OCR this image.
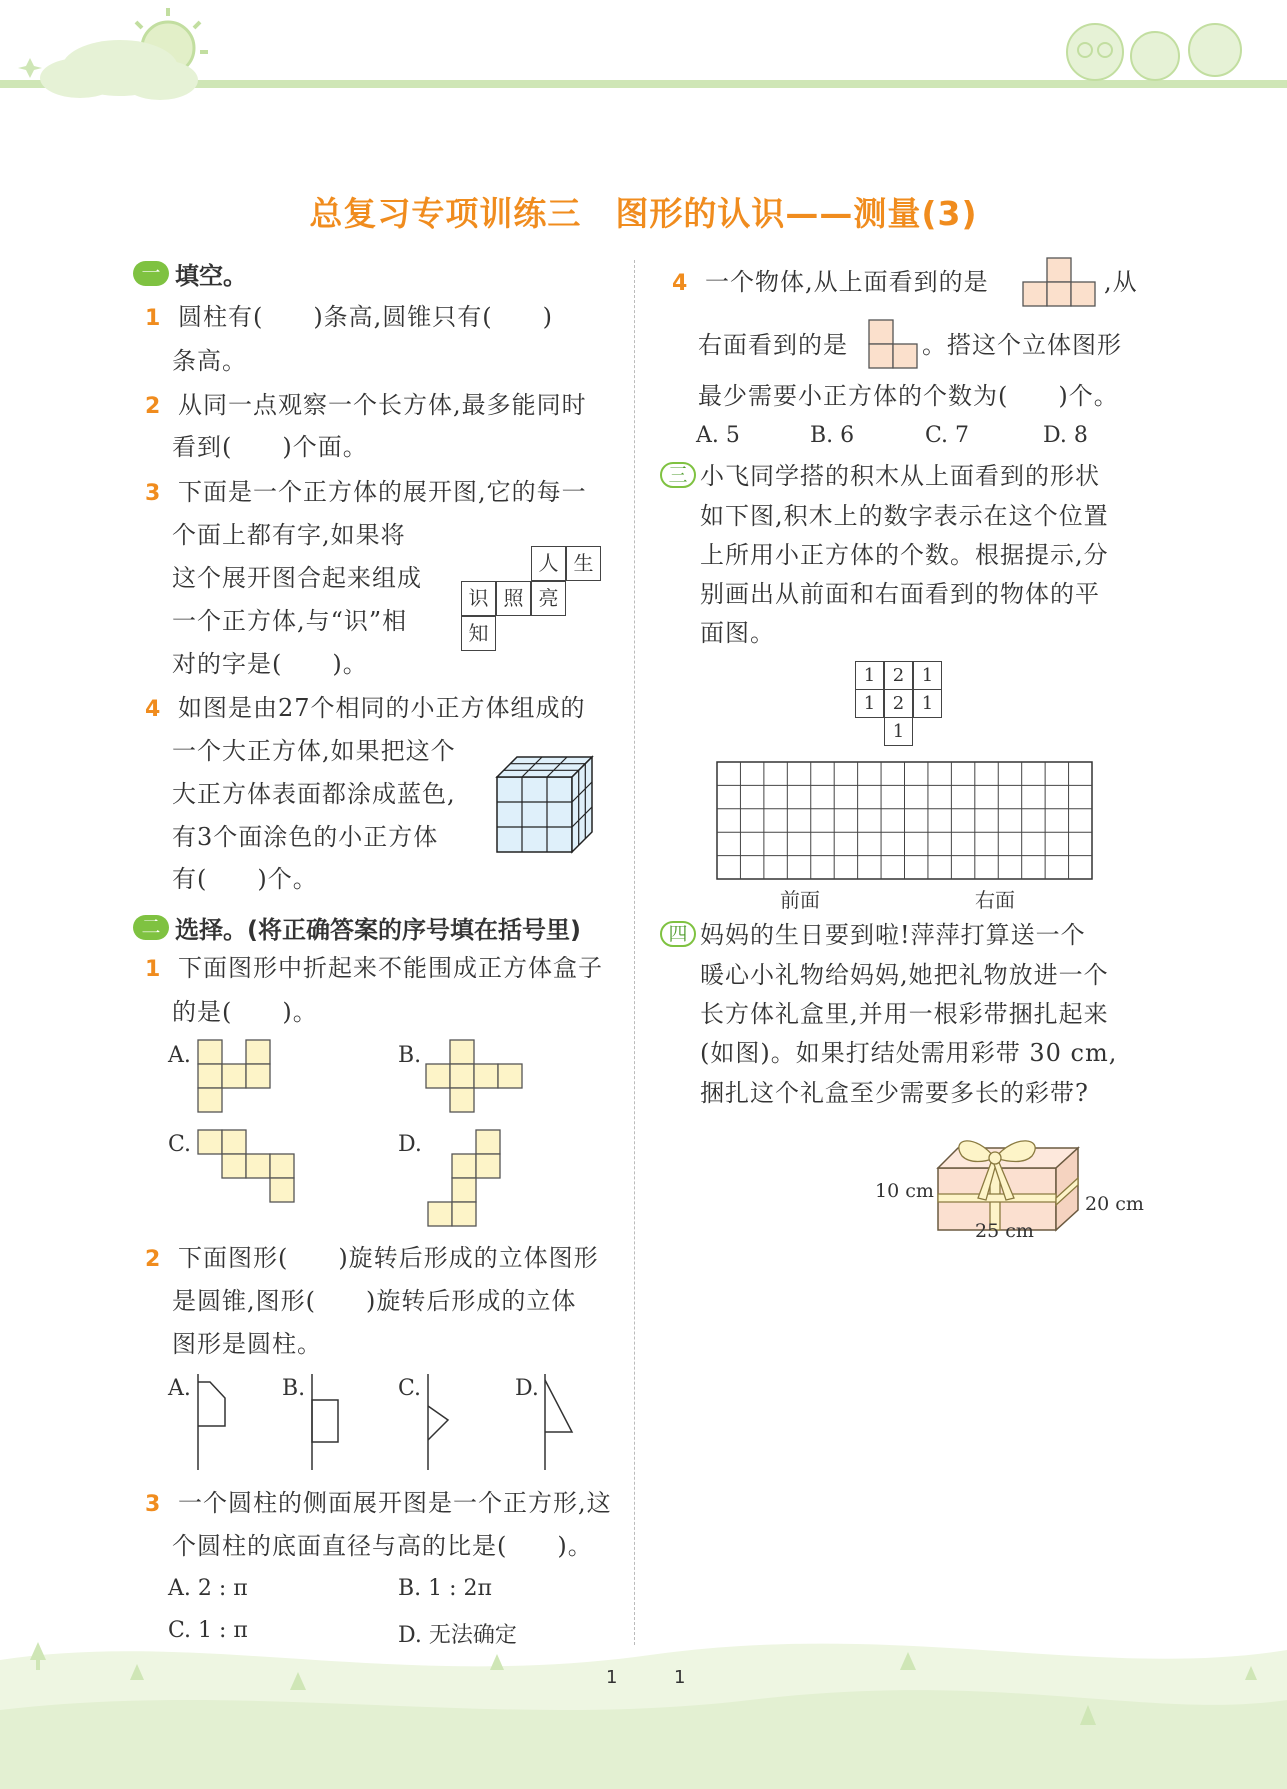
总复习专项训练三　图形的认识——测量(3)
一 填空。
1 圆柱有(　　)条高,圆锥只有(　　)
条高。
2 从同一点观察一个长方体,最多能同时
看到(　　)个面。
3 下面是一个正方体的展开图,它的每一
个面上都有字,如果将
这个展开图合起来组成
一个正方体,与“识”相
对的字是(　　)。
人 生
识 照 亮
知
4 如图是由27个相同的小正方体组成的
一个大正方体,如果把这个
大正方体表面都涂成蓝色,
有3个面涂色的小正方体
有(　　)个。
二 选择。(将正确答案的序号填在括号里)
1 下面图形中折起来不能围成正方体盒子
的是(　　)。
A.	B.
C.	D.
2 下面图形(　　)旋转后形成的立体图形
是圆锥,图形(　　)旋转后形成的立体
图形是圆柱。
A.	B.	C.	D.
3 一个圆柱的侧面展开图是一个正方形,这
个圆柱的底面直径与高的比是(　　)。
A. 2 : π	B. 1 : 2π
C. 1 : π	D. 无法确定
4 一个物体,从上面看到的是	,从
右面看到的是	。搭这个立体图形
最少需要小正方体的个数为(　　)个。
A. 5	B. 6	C. 7	D. 8
三 小飞同学搭的积木从上面看到的形状
如下图,积木上的数字表示在这个位置
上所用小正方体的个数。根据提示,分
别画出从前面和右面看到的物体的平
面图。
1 2 1
1 2 1
1
前面	右面
四 妈妈的生日要到啦!萍萍打算送一个
暖心小礼物给妈妈,她把礼物放进一个
长方体礼盒里,并用一根彩带捆扎起来
(如图)。如果打结处需用彩带 30 cm,
捆扎这个礼盒至少需要多长的彩带?
10 cm
25 cm
20 cm
1	1
